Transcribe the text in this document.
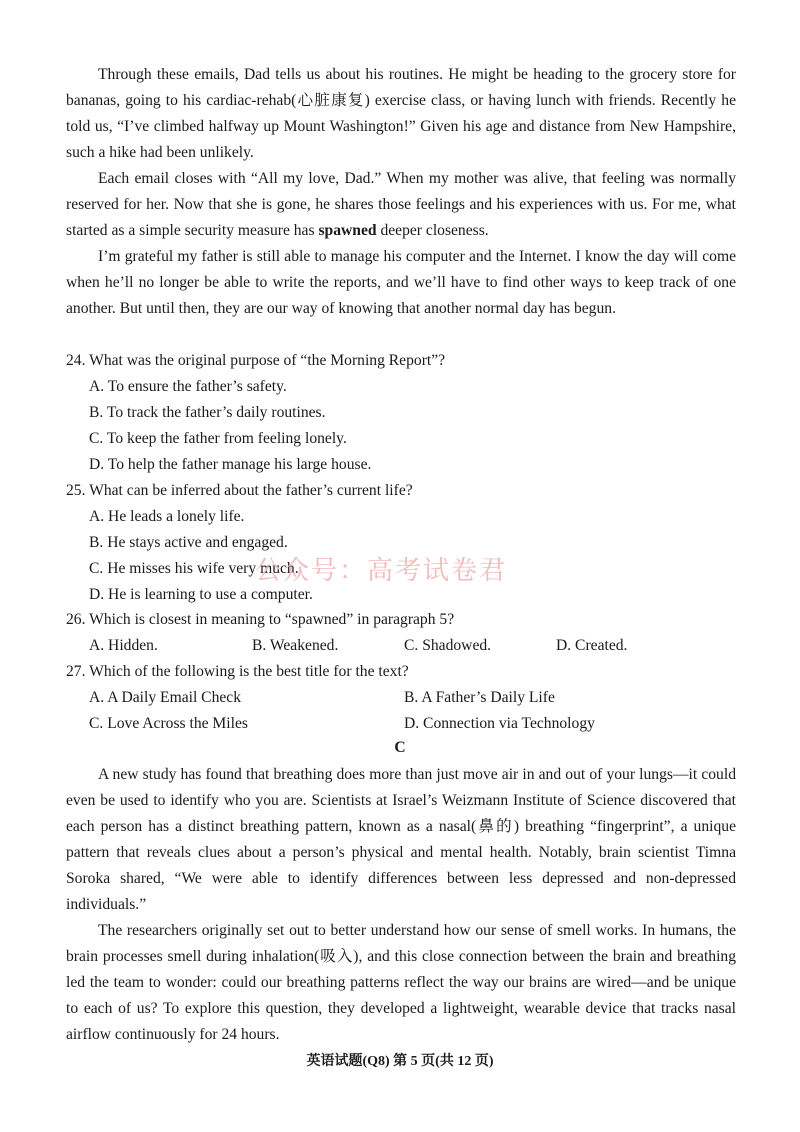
Through these emails, Dad tells us about his routines. He might be heading to the grocery store for bananas, going to his cardiac-rehab(心脏康复) exercise class, or having lunch with friends. Recently he told us, “I’ve climbed halfway up Mount Washington!” Given his age and distance from New Hampshire, such a hike had been unlikely.

Each email closes with “All my love, Dad.” When my mother was alive, that feeling was normally reserved for her. Now that she is gone, he shares those feelings and his experiences with us. For me, what started as a simple security measure has spawned deeper closeness.

I’m grateful my father is still able to manage his computer and the Internet. I know the day will come when he’ll no longer be able to write the reports, and we’ll have to find other ways to keep track of one another. But until then, they are our way of knowing that another normal day has begun.

24. What was the original purpose of “the Morning Report”?
A. To ensure the father’s safety.
B. To track the father’s daily routines.
C. To keep the father from feeling lonely.
D. To help the father manage his large house.
25. What can be inferred about the father’s current life?
A. He leads a lonely life.
B. He stays active and engaged.
C. He misses his wife very much.
D. He is learning to use a computer.
26. Which is closest in meaning to “spawned” in paragraph 5?
A. Hidden.	B. Weakened.	C. Shadowed.	D. Created.
27. Which of the following is the best title for the text?
A. A Daily Email Check	B. A Father’s Daily Life
C. Love Across the Miles	D. Connection via Technology
C

A new study has found that breathing does more than just move air in and out of your lungs—it could even be used to identify who you are. Scientists at Israel’s Weizmann Institute of Science discovered that each person has a distinct breathing pattern, known as a nasal(鼻的) breathing “fingerprint”, a unique pattern that reveals clues about a person’s physical and mental health. Notably, brain scientist Timna Soroka shared, “We were able to identify differences between less depressed and non-depressed individuals.”

The researchers originally set out to better understand how our sense of smell works. In humans, the brain processes smell during inhalation(吸入), and this close connection between the brain and breathing led the team to wonder: could our breathing patterns reflect the way our brains are wired—and be unique to each of us? To explore this question, they developed a lightweight, wearable device that tracks nasal airflow continuously for 24 hours.

公众号：高考试卷君
英语试题(Q8) 第 5 页(共 12 页)
